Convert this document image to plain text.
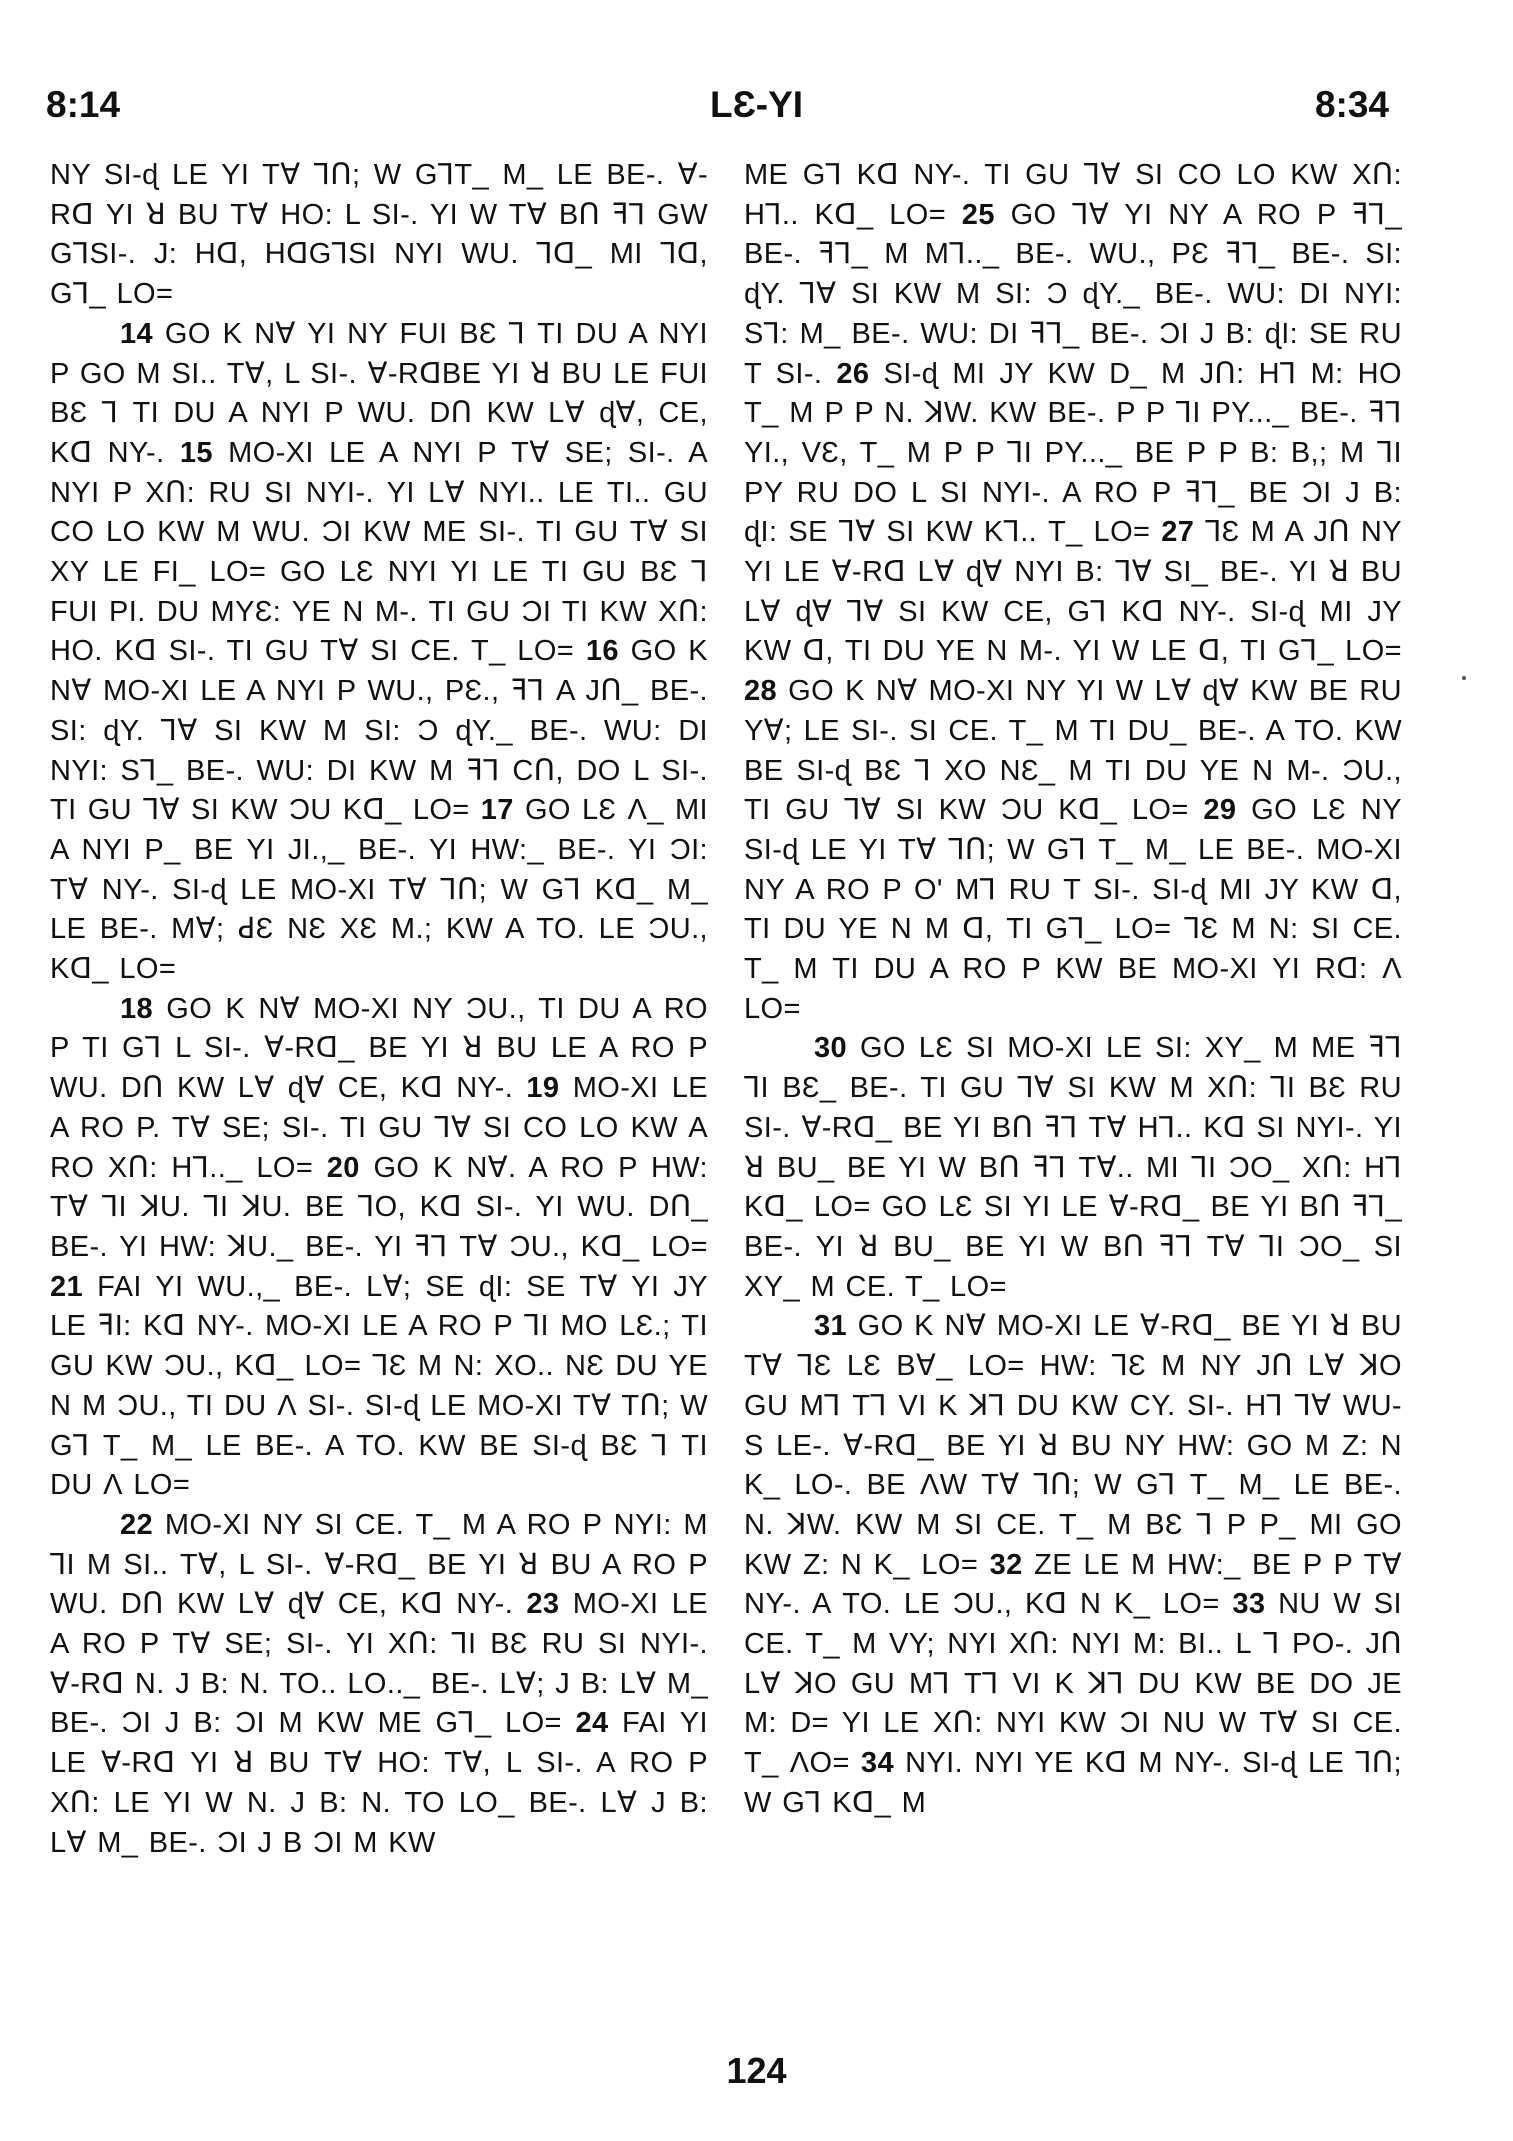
8:14	LƐ-YI	8:34

NY SI-ɖ LE YI TⱯ ⅂Ո; W GꓶT_ M_ LE BE-. Ɐ-Rꓷ YI ꓤ BU TⱯ HO: L SI-. YI W TⱯ BՈ ꟻꓶ GW GꓶSI-. J: Hꓷ, HꓷGꓶSI NYI WU. ⅂ꓷ_ MI ⅂ꓷ, Gꓶ_ LO=

14 GO K NⱯ YI NY FUI BƐ ꓶ TI DU A NYI P GO M SI.. TⱯ, L SI-. Ɐ-RꓷBE YI ꓤ BU LE FUI BƐ ꓶ TI DU A NYI P WU. DՈ KW LⱯ ɖⱯ, CE, Kꓷ NY-. 15 MO-XI LE A NYI P TⱯ SE; SI-. A NYI P XՈ: RU SI NYI-. YI LⱯ NYI.. LE TI.. GU CO LO KW M WU. ƆI KW ME SI-. TI GU TⱯ SI XY LE FI_ LO= GO LƐ NYI YI LE TI GU BƐ ꓶ FUI PI. DU MYƐ: YE N M-. TI GU ƆI TI KW XՈ: HO. Kꓷ SI-. TI GU TⱯ SI CE. T_ LO= 16 GO K NⱯ MO-XI LE A NYI P WU., PƐ., ꟻꓶ A JՈ_ BE-. SI: ɖY. ⅂Ɐ SI KW M SI: Ɔ ɖY._ BE-. WU: DI NYI: Sꓶ_ BE-. WU: DI KW M ꟻꓶ CՈ, DO L SI-. TI GU ⅂Ɐ SI KW ƆU Kꓷ_ LO= 17 GO LƐ Ʌ_ MI A NYI P_ BE YI JI.,_ BE-. YI HW:_ BE-. YI ƆI: TⱯ NY-. SI-ɖ LE MO-XI TⱯ ⅂Ո; W Gꓶ Kꓷ_ M_ LE BE-. MⱯ; ꓒƐ NƐ XƐ M.; KW A TO. LE ƆU., Kꓷ_ LO=

18 GO K NⱯ MO-XI NY ƆU., TI DU A RO P TI Gꓶ L SI-. Ɐ-Rꓷ_ BE YI ꓤ BU LE A RO P WU. DՈ KW LⱯ ɖⱯ CE, Kꓷ NY-. 19 MO-XI LE A RO P. TⱯ SE; SI-. TI GU ⅂Ɐ SI CO LO KW A RO XՈ: Hꓶ.._ LO= 20 GO K NⱯ. A RO P HW: TⱯ ⅂I ꓘU. ⅂I ꓘU. BE ⅂O, Kꓷ SI-. YI WU. DՈ_ BE-. YI HW: ꓘU._ BE-. YI ꟻꓶ TⱯ ƆU., Kꓷ_ LO= 21 FAI YI WU.,_ BE-. LⱯ; SE ɖI: SE TⱯ YI JY LE ꟻI: Kꓷ NY-. MO-XI LE A RO P ⅂I MO LƐ.; TI GU KW ƆU., Kꓷ_ LO= ⅂Ɛ M N: XO.. NƐ DU YE N M ƆU., TI DU Ʌ SI-. SI-ɖ LE MO-XI TⱯ TՈ; W Gꓶ T_ M_ LE BE-. A TO. KW BE SI-ɖ BƐ ꓶ TI DU Ʌ LO=

22 MO-XI NY SI CE. T_ M A RO P NYI: M ⅂I M SI.. TⱯ, L SI-. Ɐ-Rꓷ_ BE YI ꓤ BU A RO P WU. DՈ KW LⱯ ɖⱯ CE, Kꓷ NY-. 23 MO-XI LE A RO P TⱯ SE; SI-. YI XՈ: ⅂I BƐ RU SI NYI-. Ɐ-Rꓷ N. J B: N. TO.. LO.._ BE-. LⱯ; J B: LⱯ M_ BE-. ƆI J B: ƆI M KW ME Gꓶ_ LO= 24 FAI YI LE Ɐ-Rꓷ YI ꓤ BU TⱯ HO: TⱯ, L SI-. A RO P XՈ: LE YI W N. J B: N. TO LO_ BE-. LⱯ J B: LⱯ M_ BE-. ƆI J B ƆI M KW

ME Gꓶ Kꓷ NY-. TI GU ⅂Ɐ SI CO LO KW XՈ: Hꓶ.. Kꓷ_ LO= 25 GO ⅂Ɐ YI NY A RO P ꟻꓶ_ BE-. ꟻꓶ_ M Mꓶ.._ BE-. WU., PƐ ꟻꓶ_ BE-. SI: ɖY. ⅂Ɐ SI KW M SI: Ɔ ɖY._ BE-. WU: DI NYI: Sꓶ: M_ BE-. WU: DI ꟻꓶ_ BE-. ƆI J B: ɖI: SE RU T SI-. 26 SI-ɖ MI JY KW D_ M JՈ: Hꓶ M: HO T_ M P P N. ꓘW. KW BE-. P P ⅂I PY..._ BE-. ꟻꓶ YI., VƐ, T_ M P P ⅂I PY..._ BE P P B: B,; M ⅂I PY RU DO L SI NYI-. A RO P ꟻꓶ_ BE ƆI J B: ɖI: SE ⅂Ɐ SI KW Kꓶ.. T_ LO= 27 ⅂Ɛ M A JՈ NY YI LE Ɐ-Rꓷ LⱯ ɖⱯ NYI B: ⅂Ɐ SI_ BE-. YI ꓤ BU LⱯ ɖⱯ ⅂Ɐ SI KW CE, Gꓶ Kꓷ NY-. SI-ɖ MI JY KW ꓷ, TI DU YE N M-. YI W LE ꓷ, TI Gꓶ_ LO= 28 GO K NⱯ MO-XI NY YI W LⱯ ɖⱯ KW BE RU YⱯ; LE SI-. SI CE. T_ M TI DU_ BE-. A TO. KW BE SI-ɖ BƐ ꓶ XO NƐ_ M TI DU YE N M-. ƆU., TI GU ⅂Ɐ SI KW ƆU Kꓷ_ LO= 29 GO LƐ NY SI-ɖ LE YI TⱯ ⅂Ո; W Gꓶ T_ M_ LE BE-. MO-XI NY A RO P Oʹ Mꓶ RU T SI-. SI-ɖ MI JY KW ꓷ, TI DU YE N M ꓷ, TI Gꓶ_ LO= ⅂Ɛ M N: SI CE. T_ M TI DU A RO P KW BE MO-XI YI Rꓷ: Ʌ LO=

30 GO LƐ SI MO-XI LE SI: XY_ M ME ꟻꓶ ⅂I BƐ_ BE-. TI GU ⅂Ɐ SI KW M XՈ: ⅂I BƐ RU SI-. Ɐ-Rꓷ_ BE YI BՈ ꟻꓶ TⱯ Hꓶ.. Kꓷ SI NYI-. YI ꓤ BU_ BE YI W BՈ ꟻꓶ TⱯ.. MI ⅂I ƆO_ XՈ: Hꓶ Kꓷ_ LO= GO LƐ SI YI LE Ɐ-Rꓷ_ BE YI BՈ ꟻꓶ_ BE-. YI ꓤ BU_ BE YI W BՈ ꟻꓶ TⱯ ⅂I ƆO_ SI XY_ M CE. T_ LO=

31 GO K NⱯ MO-XI LE Ɐ-Rꓷ_ BE YI ꓤ BU TⱯ ⅂Ɛ LƐ BⱯ_ LO= HW: ⅂Ɛ M NY JՈ LⱯ ꓘO GU Mꓶ Tꓶ VI K ꓘꓶ DU KW CY. SI-. Hꓶ ⅂Ɐ WU-S LE-. Ɐ-Rꓷ_ BE YI ꓤ BU NY HW: GO M Z: N K_ LO-. BE ɅW TⱯ ⅂Ո; W Gꓶ T_ M_ LE BE-. N. ꓘW. KW M SI CE. T_ M BƐ ꓶ P P_ MI GO KW Z: N K_ LO= 32 ZE LE M HW:_ BE P P TⱯ NY-. A TO. LE ƆU., Kꓷ N K_ LO= 33 NU W SI CE. T_ M VY; NYI XՈ: NYI M: BI.. L ⅂ PO-. JՈ LⱯ ꓘO GU Mꓶ Tꓶ VI K ꓘꓶ DU KW BE DO JE M: D= YI LE XՈ: NYI KW ƆI NU W TⱯ SI CE. T_ ɅO= 34 NYI. NYI YE Kꓷ M NY-. SI-ɖ LE ⅂Ո; W Gꓶ Kꓷ_ M

124
